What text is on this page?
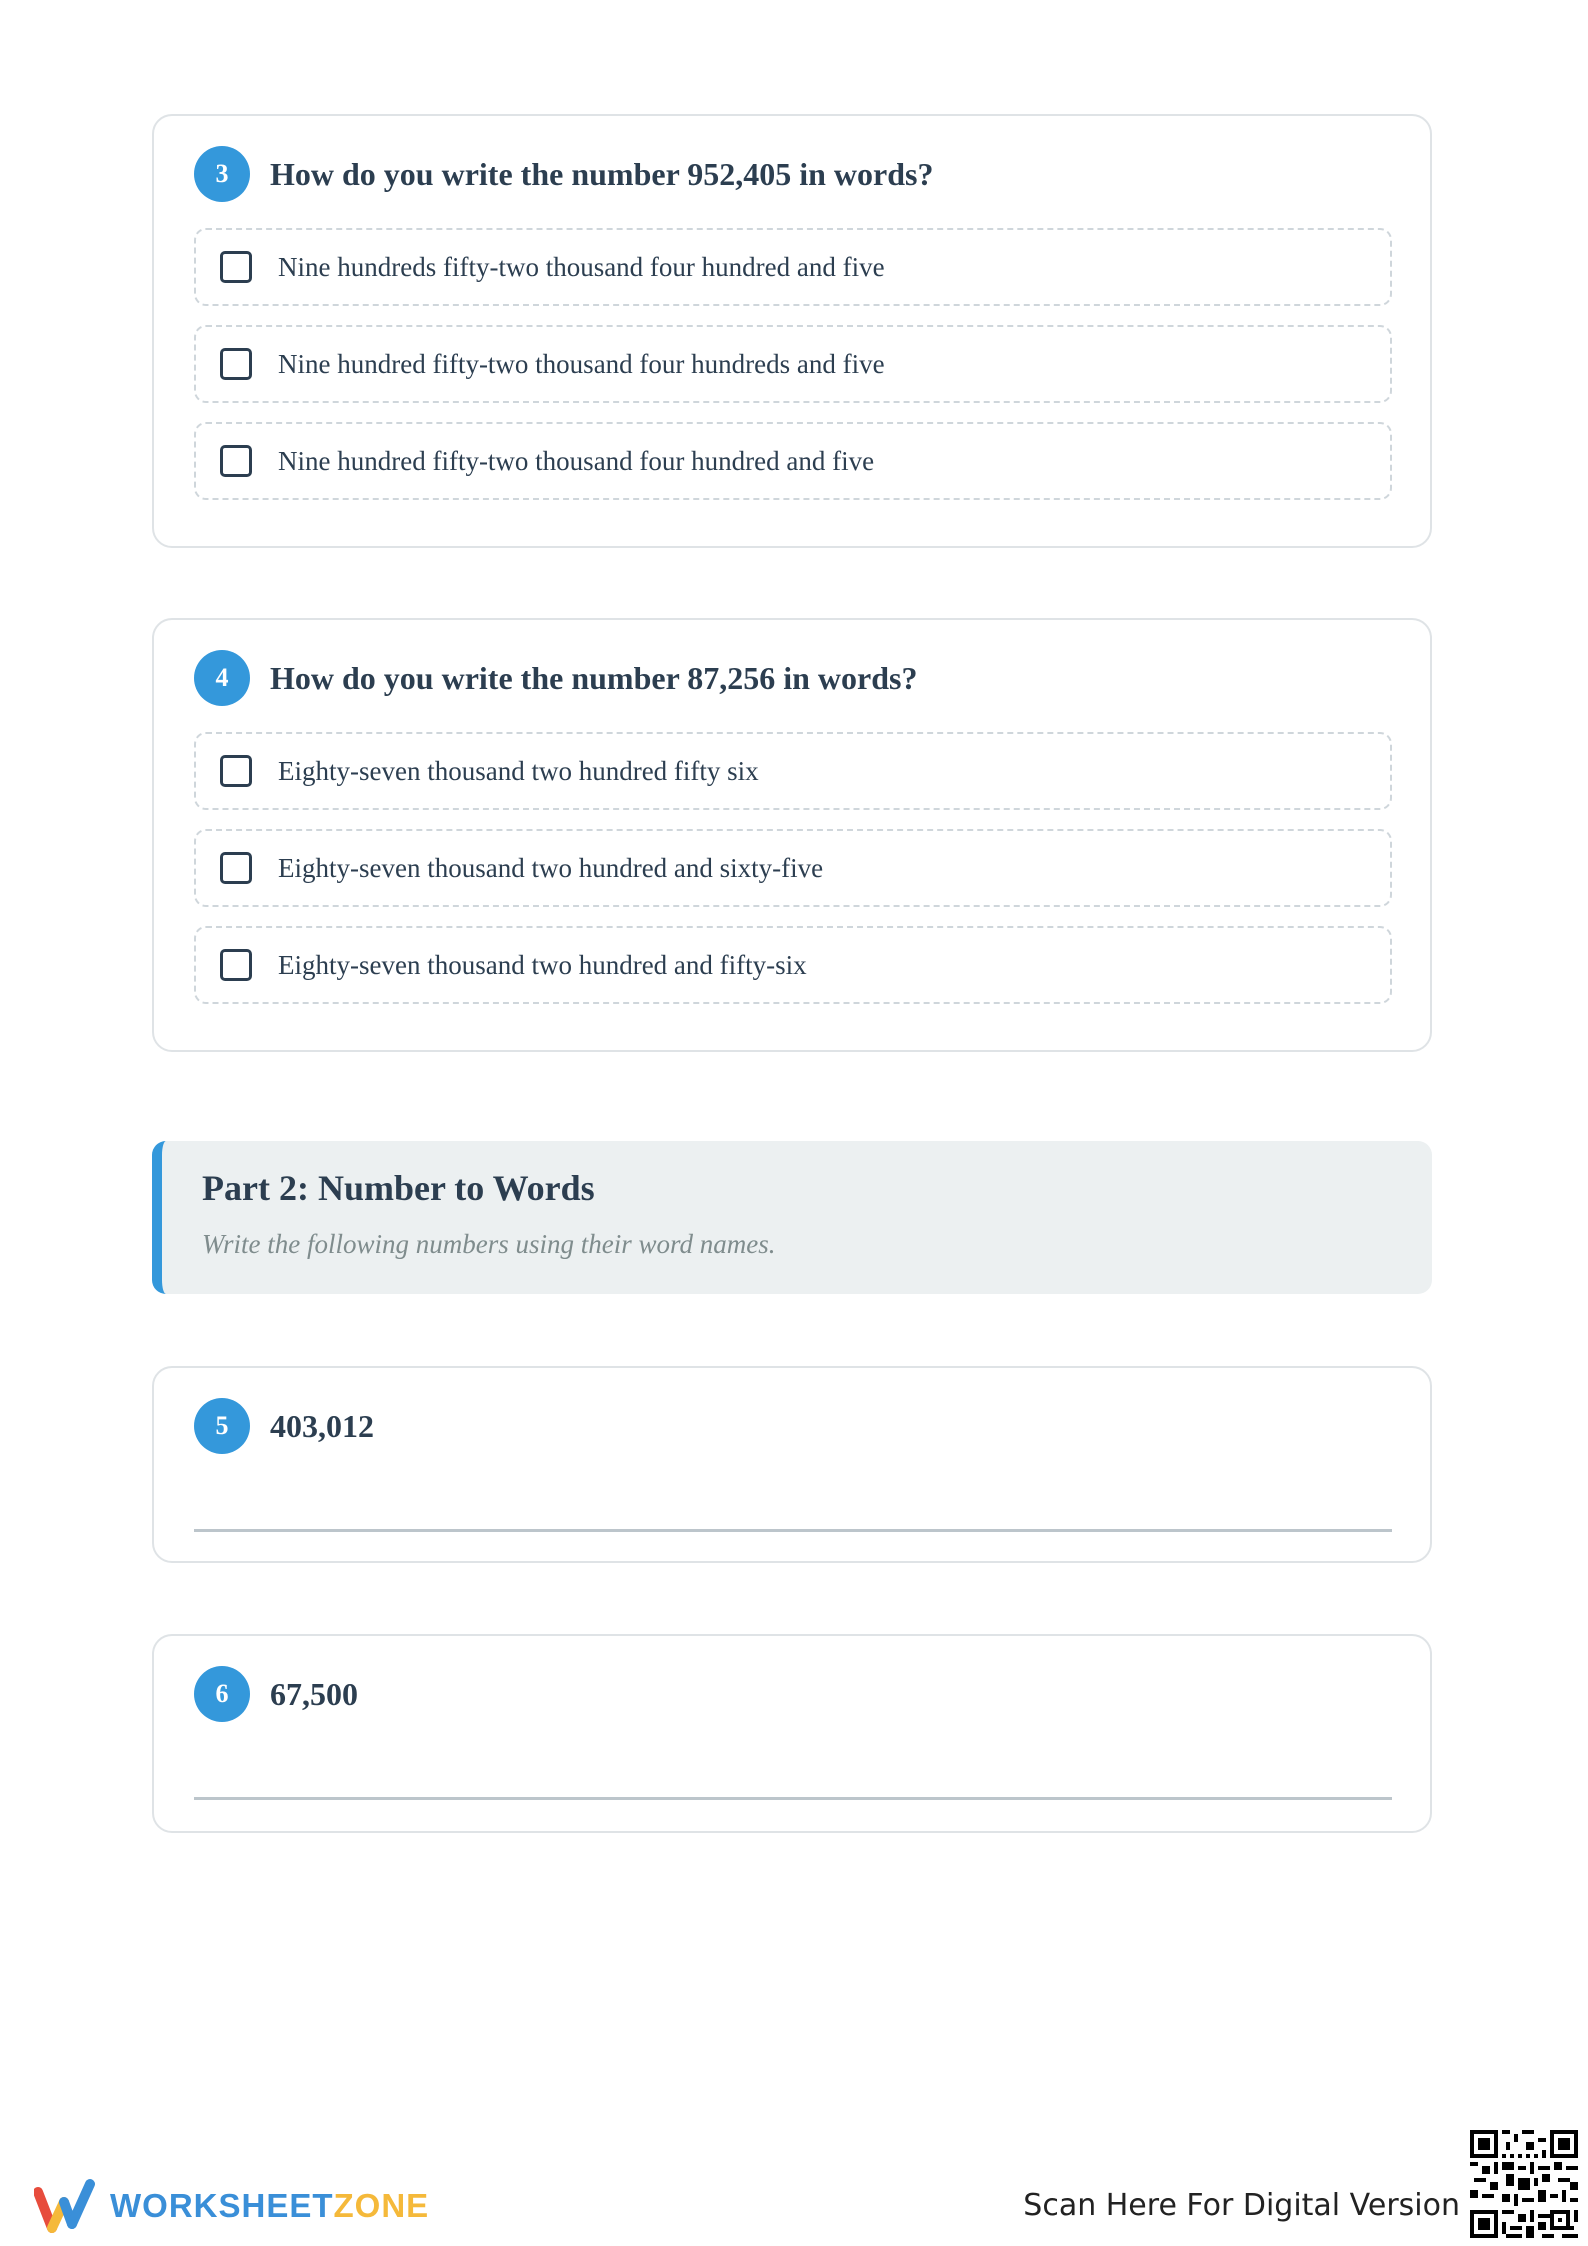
3	How do you write the number 952,405 in words?
Nine hundreds fifty-two thousand four hundred and five
Nine hundred fifty-two thousand four hundreds and five
Nine hundred fifty-two thousand four hundred and five
4	How do you write the number 87,256 in words?
Eighty-seven thousand two hundred fifty six
Eighty-seven thousand two hundred and sixty-five
Eighty-seven thousand two hundred and fifty-six
Part 2: Number to Words
Write the following numbers using their word names.
5	403,012
6	67,500
WORKSHEETZONE	Scan Here For Digital Version
